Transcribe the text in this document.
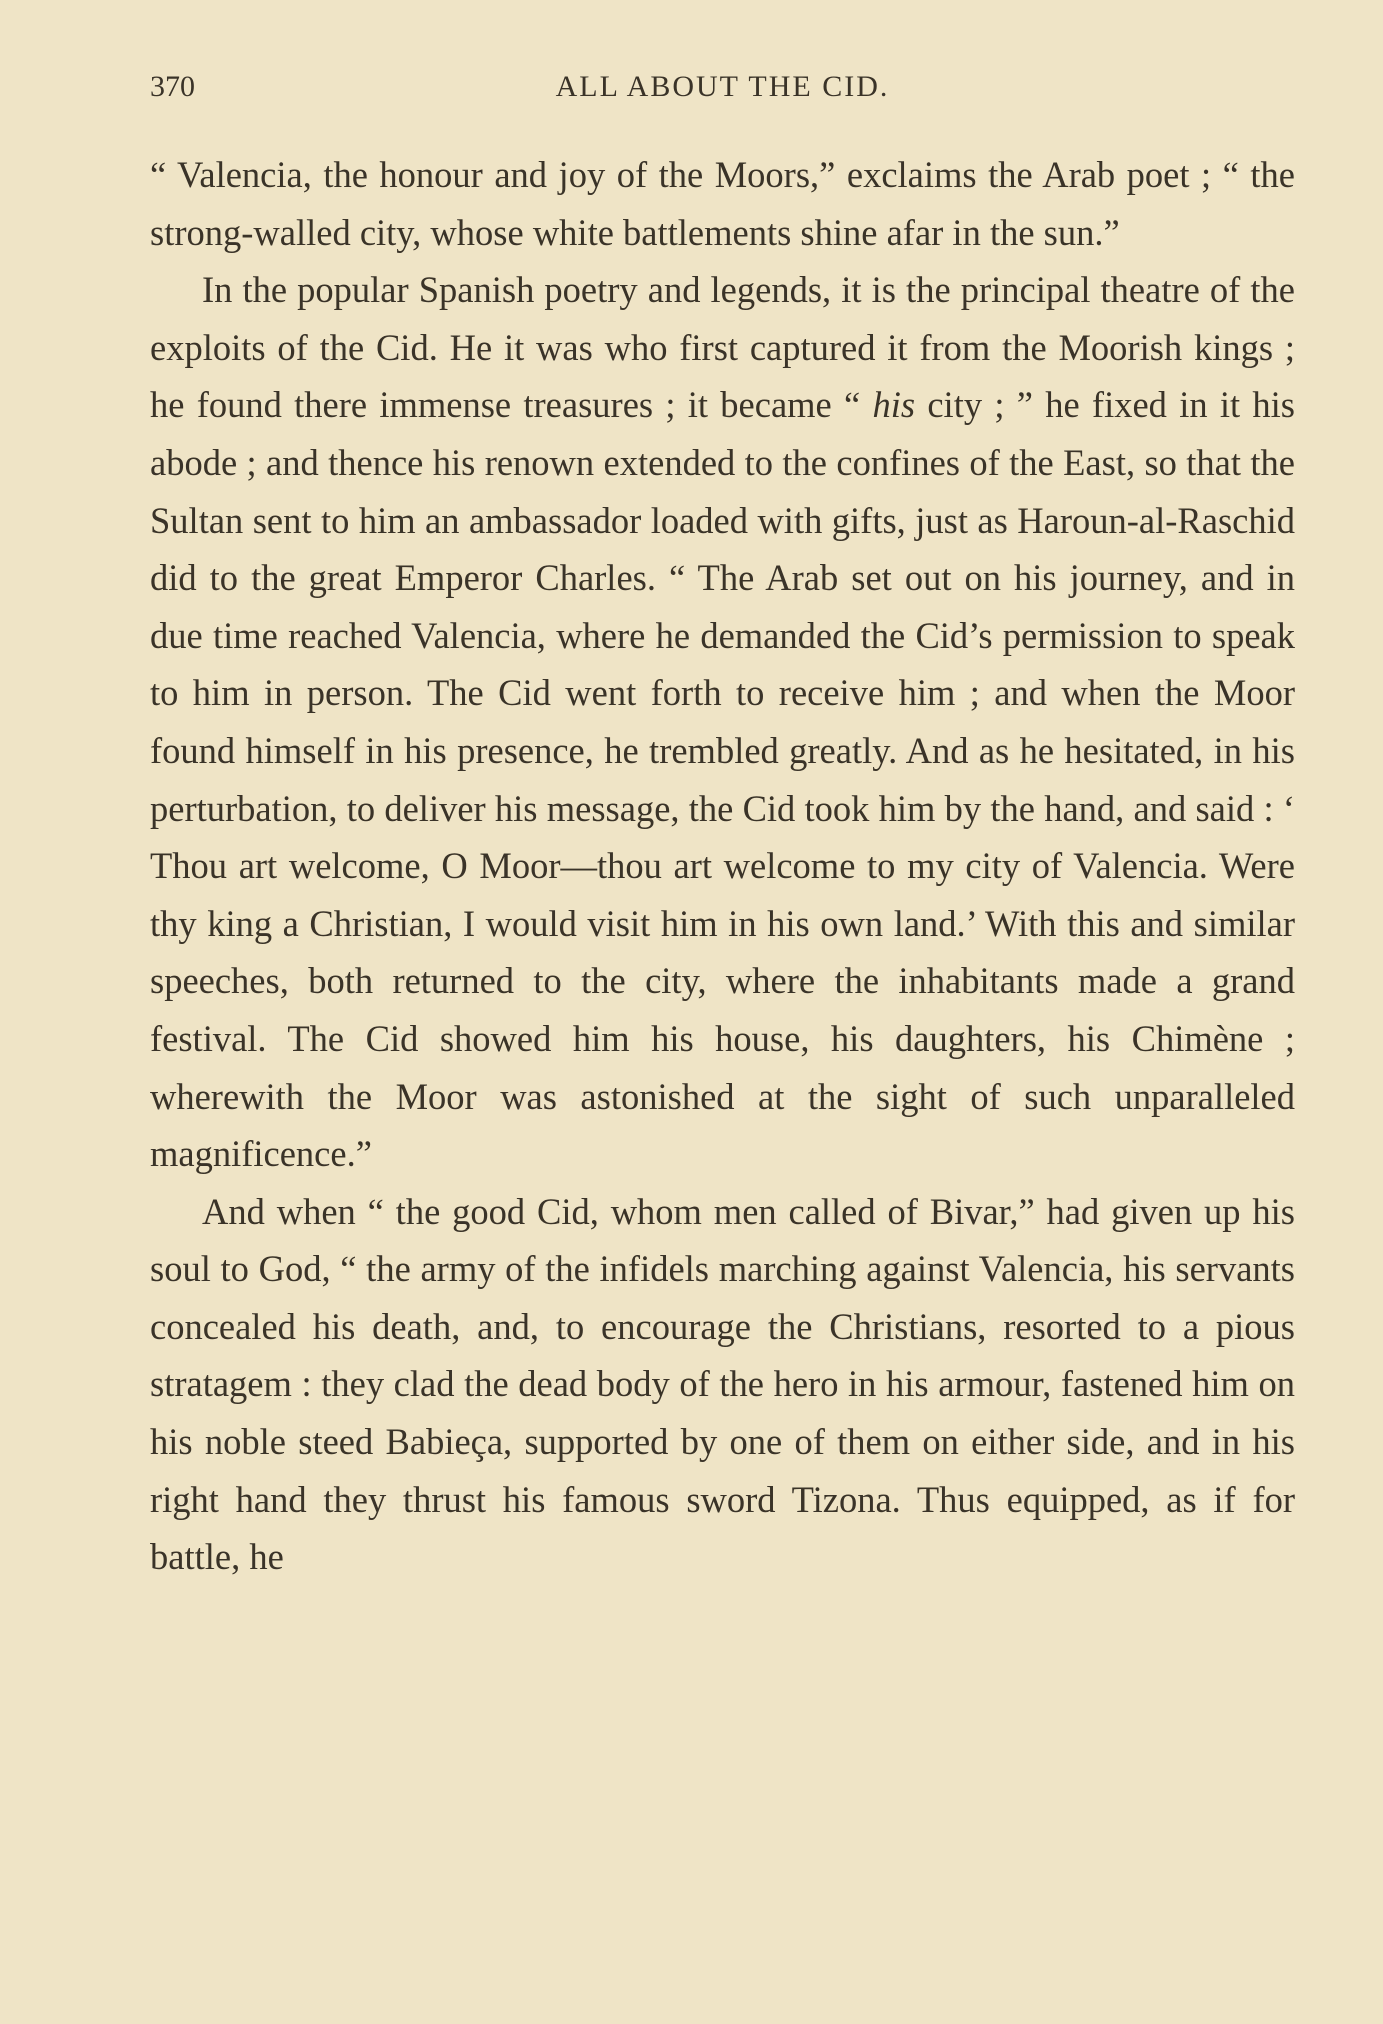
370	ALL ABOUT THE CID.

“ Valencia, the honour and joy of the Moors,” exclaims the Arab poet ; “ the strong-walled city, whose white battlements shine afar in the sun.”

In the popular Spanish poetry and legends, it is the principal theatre of the exploits of the Cid. He it was who first captured it from the Moorish kings ; he found there immense treasures ; it became “ his city ; ” he fixed in it his abode ; and thence his renown extended to the confines of the East, so that the Sultan sent to him an ambassador loaded with gifts, just as Haroun-al-Raschid did to the great Emperor Charles. “ The Arab set out on his journey, and in due time reached Valencia, where he demanded the Cid’s permission to speak to him in person. The Cid went forth to receive him ; and when the Moor found himself in his presence, he trembled greatly. And as he hesitated, in his perturbation, to deliver his message, the Cid took him by the hand, and said : ‘ Thou art welcome, O Moor—thou art welcome to my city of Valencia. Were thy king a Christian, I would visit him in his own land.’ With this and similar speeches, both returned to the city, where the inhabitants made a grand festival. The Cid showed him his house, his daughters, his Chimène ; wherewith the Moor was astonished at the sight of such unparalleled magnificence.”

And when “ the good Cid, whom men called of Bivar,” had given up his soul to God, “ the army of the infidels marching against Valencia, his servants concealed his death, and, to encourage the Christians, resorted to a pious stratagem : they clad the dead body of the hero in his armour, fastened him on his noble steed Babieça, supported by one of them on either side, and in his right hand they thrust his famous sword Tizona. Thus equipped, as if for battle, he
